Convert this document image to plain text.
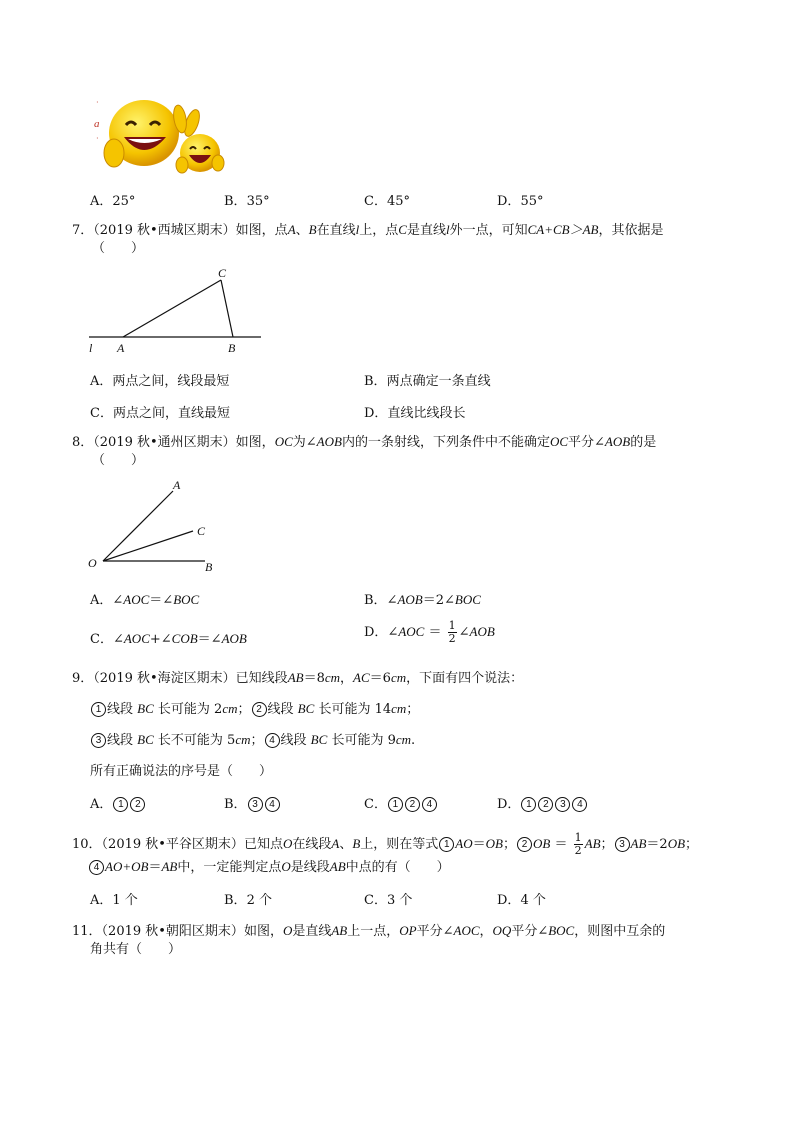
a
·
·
A．25°	B．35°	C．45°	D．55°
7．（2019 秋•西城区期末）如图，点A、B在直线l上，点C是直线l外一点，可知CA+CB＞AB，其依据是
（　　）
C
A	B
l
A．两点之间，线段最短	B．两点确定一条直线
C．两点之间，直线最短	D．直线比线段长
8．（2019 秋•通州区期末）如图，OC为∠AOB内的一条射线，下列条件中不能确定OC平分∠AOB的是
（　　）
A
C
O	B
A．∠AOC＝∠BOC	B．∠AOB＝2∠BOC
C．∠AOC+∠COB＝∠AOB	D．∠AOC ＝ $\frac{1}{2}$ ∠AOB
9．（2019 秋•海淀区期末）已知线段AB＝8cm，AC＝6cm，下面有四个说法：
1 线段 BC 长可能为 2cm； 2 线段 BC 长可能为 14cm；
3 线段 BC 长不可能为 5cm； 4 线段 BC 长可能为 9cm.
所有正确说法的序号是（　　）
A． 1 2	B． 3 4	C． 1 2 4	D． 1 2 3 4
10．（2019 秋•平谷区期末）已知点O在线段A、B上，则在等式 1 AO＝OB； 2 OB ＝ $\frac{1}{2}$ AB； 3 AB＝2OB；
4 AO+OB＝AB中，一定能判定点O是线段AB中点的有（　　）
A．1 个	B．2 个	C．3 个	D．4 个
11．（2019 秋•朝阳区期末）如图，O是直线AB上一点，OP平分∠AOC，OQ平分∠BOC，则图中互余的
角共有（　　）
